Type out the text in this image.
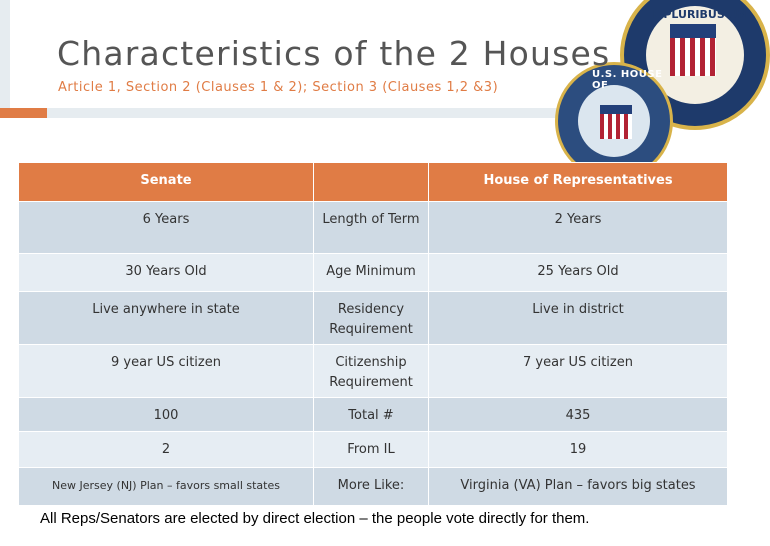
E PLURIBUS UN
U.S. HOUSE OF
Characteristics of the 2 Houses
Article 1, Section 2 (Clauses 1 & 2); Section 3 (Clauses 1,2 &3)
Senate		House of Representatives
6 Years	Length of Term	2 Years
30 Years Old	Age Minimum	25 Years Old
Live anywhere in state	Residency Requirement	Live in district
9 year US citizen	Citizenship Requirement	7 year US citizen
100	Total #	435
2	From IL	19
New Jersey (NJ) Plan – favors small states	More Like:	Virginia (VA) Plan – favors big states
All Reps/Senators are elected by direct election – the people vote directly for them.
